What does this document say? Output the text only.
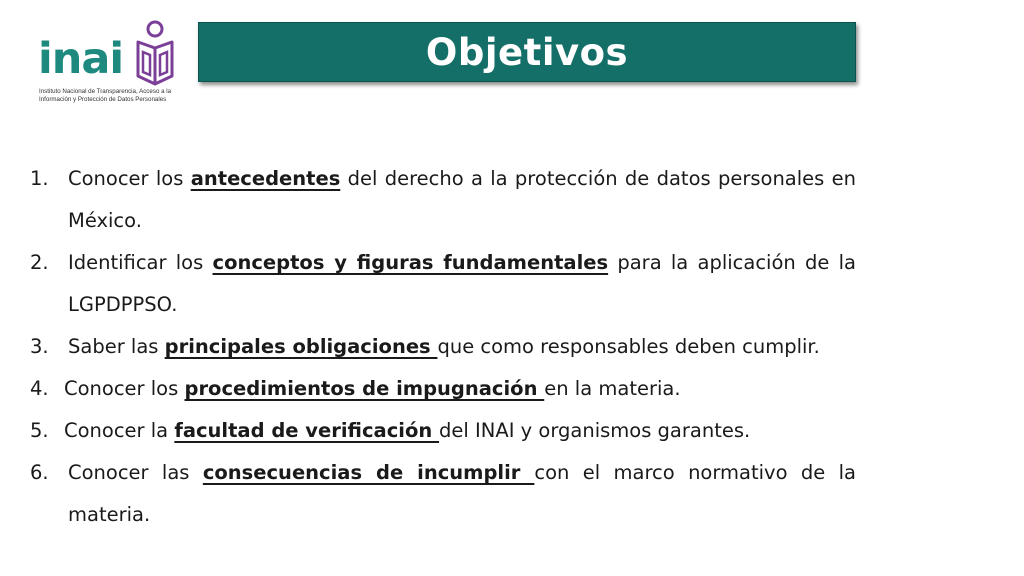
inai
Instituto Nacional de Transparencia, Acceso a la Información y Protección de Datos Personales
Objetivos
1. Conocer los antecedentes del derecho a la protección de datos personales en México.
2. Identificar los conceptos y figuras fundamentales para la aplicación de la LGPDPPSO.
3. Saber las principales obligaciones que como responsables deben cumplir.
4. Conocer los procedimientos de impugnación en la materia.
5. Conocer la facultad de verificación del INAI y organismos garantes.
6. Conocer las consecuencias de incumplir con el marco normativo de la materia.
